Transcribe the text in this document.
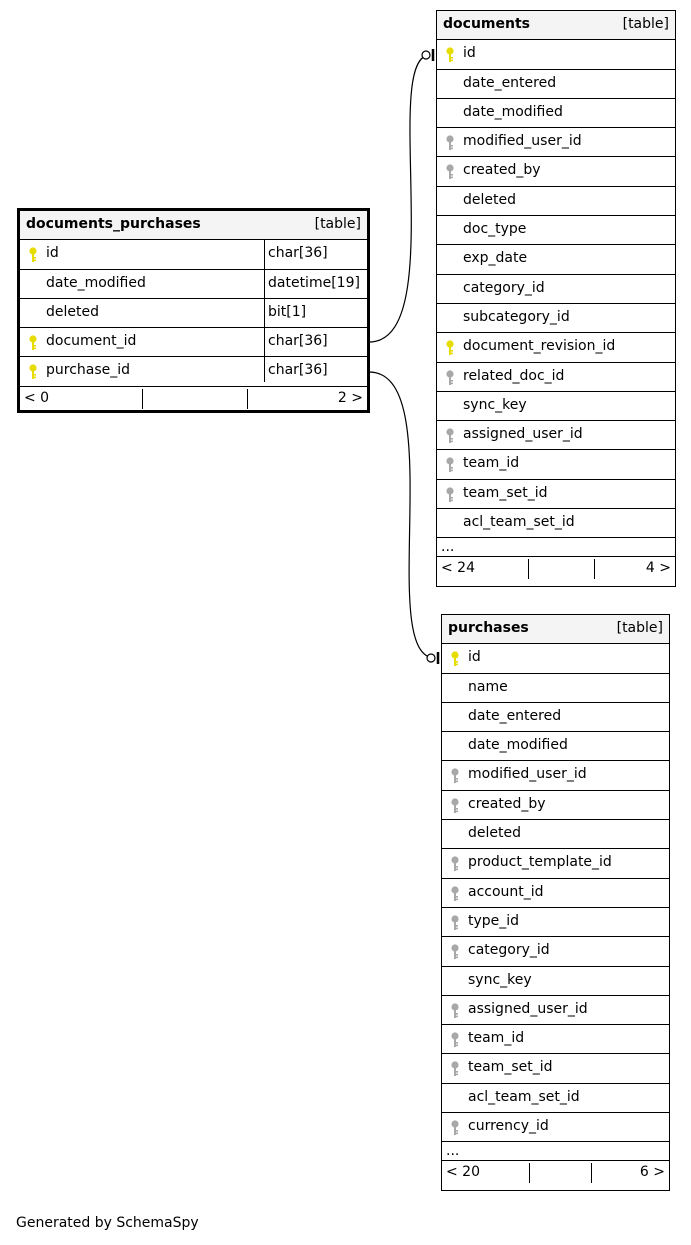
documents_purchases	[table]
id	char[36]
date_modified	datetime[19]
deleted	bit[1]
document_id	char[36]
purchase_id	char[36]
< 0	2 >
documents	[table]
id
date_entered
date_modified
modified_user_id
created_by
deleted
doc_type
exp_date
category_id
subcategory_id
document_revision_id
related_doc_id
sync_key
assigned_user_id
team_id
team_set_id
acl_team_set_id
...
< 24	4 >
purchases	[table]
id
name
date_entered
date_modified
modified_user_id
created_by
deleted
product_template_id
account_id
type_id
category_id
sync_key
assigned_user_id
team_id
team_set_id
acl_team_set_id
currency_id
...
< 20	6 >
Generated by SchemaSpy
